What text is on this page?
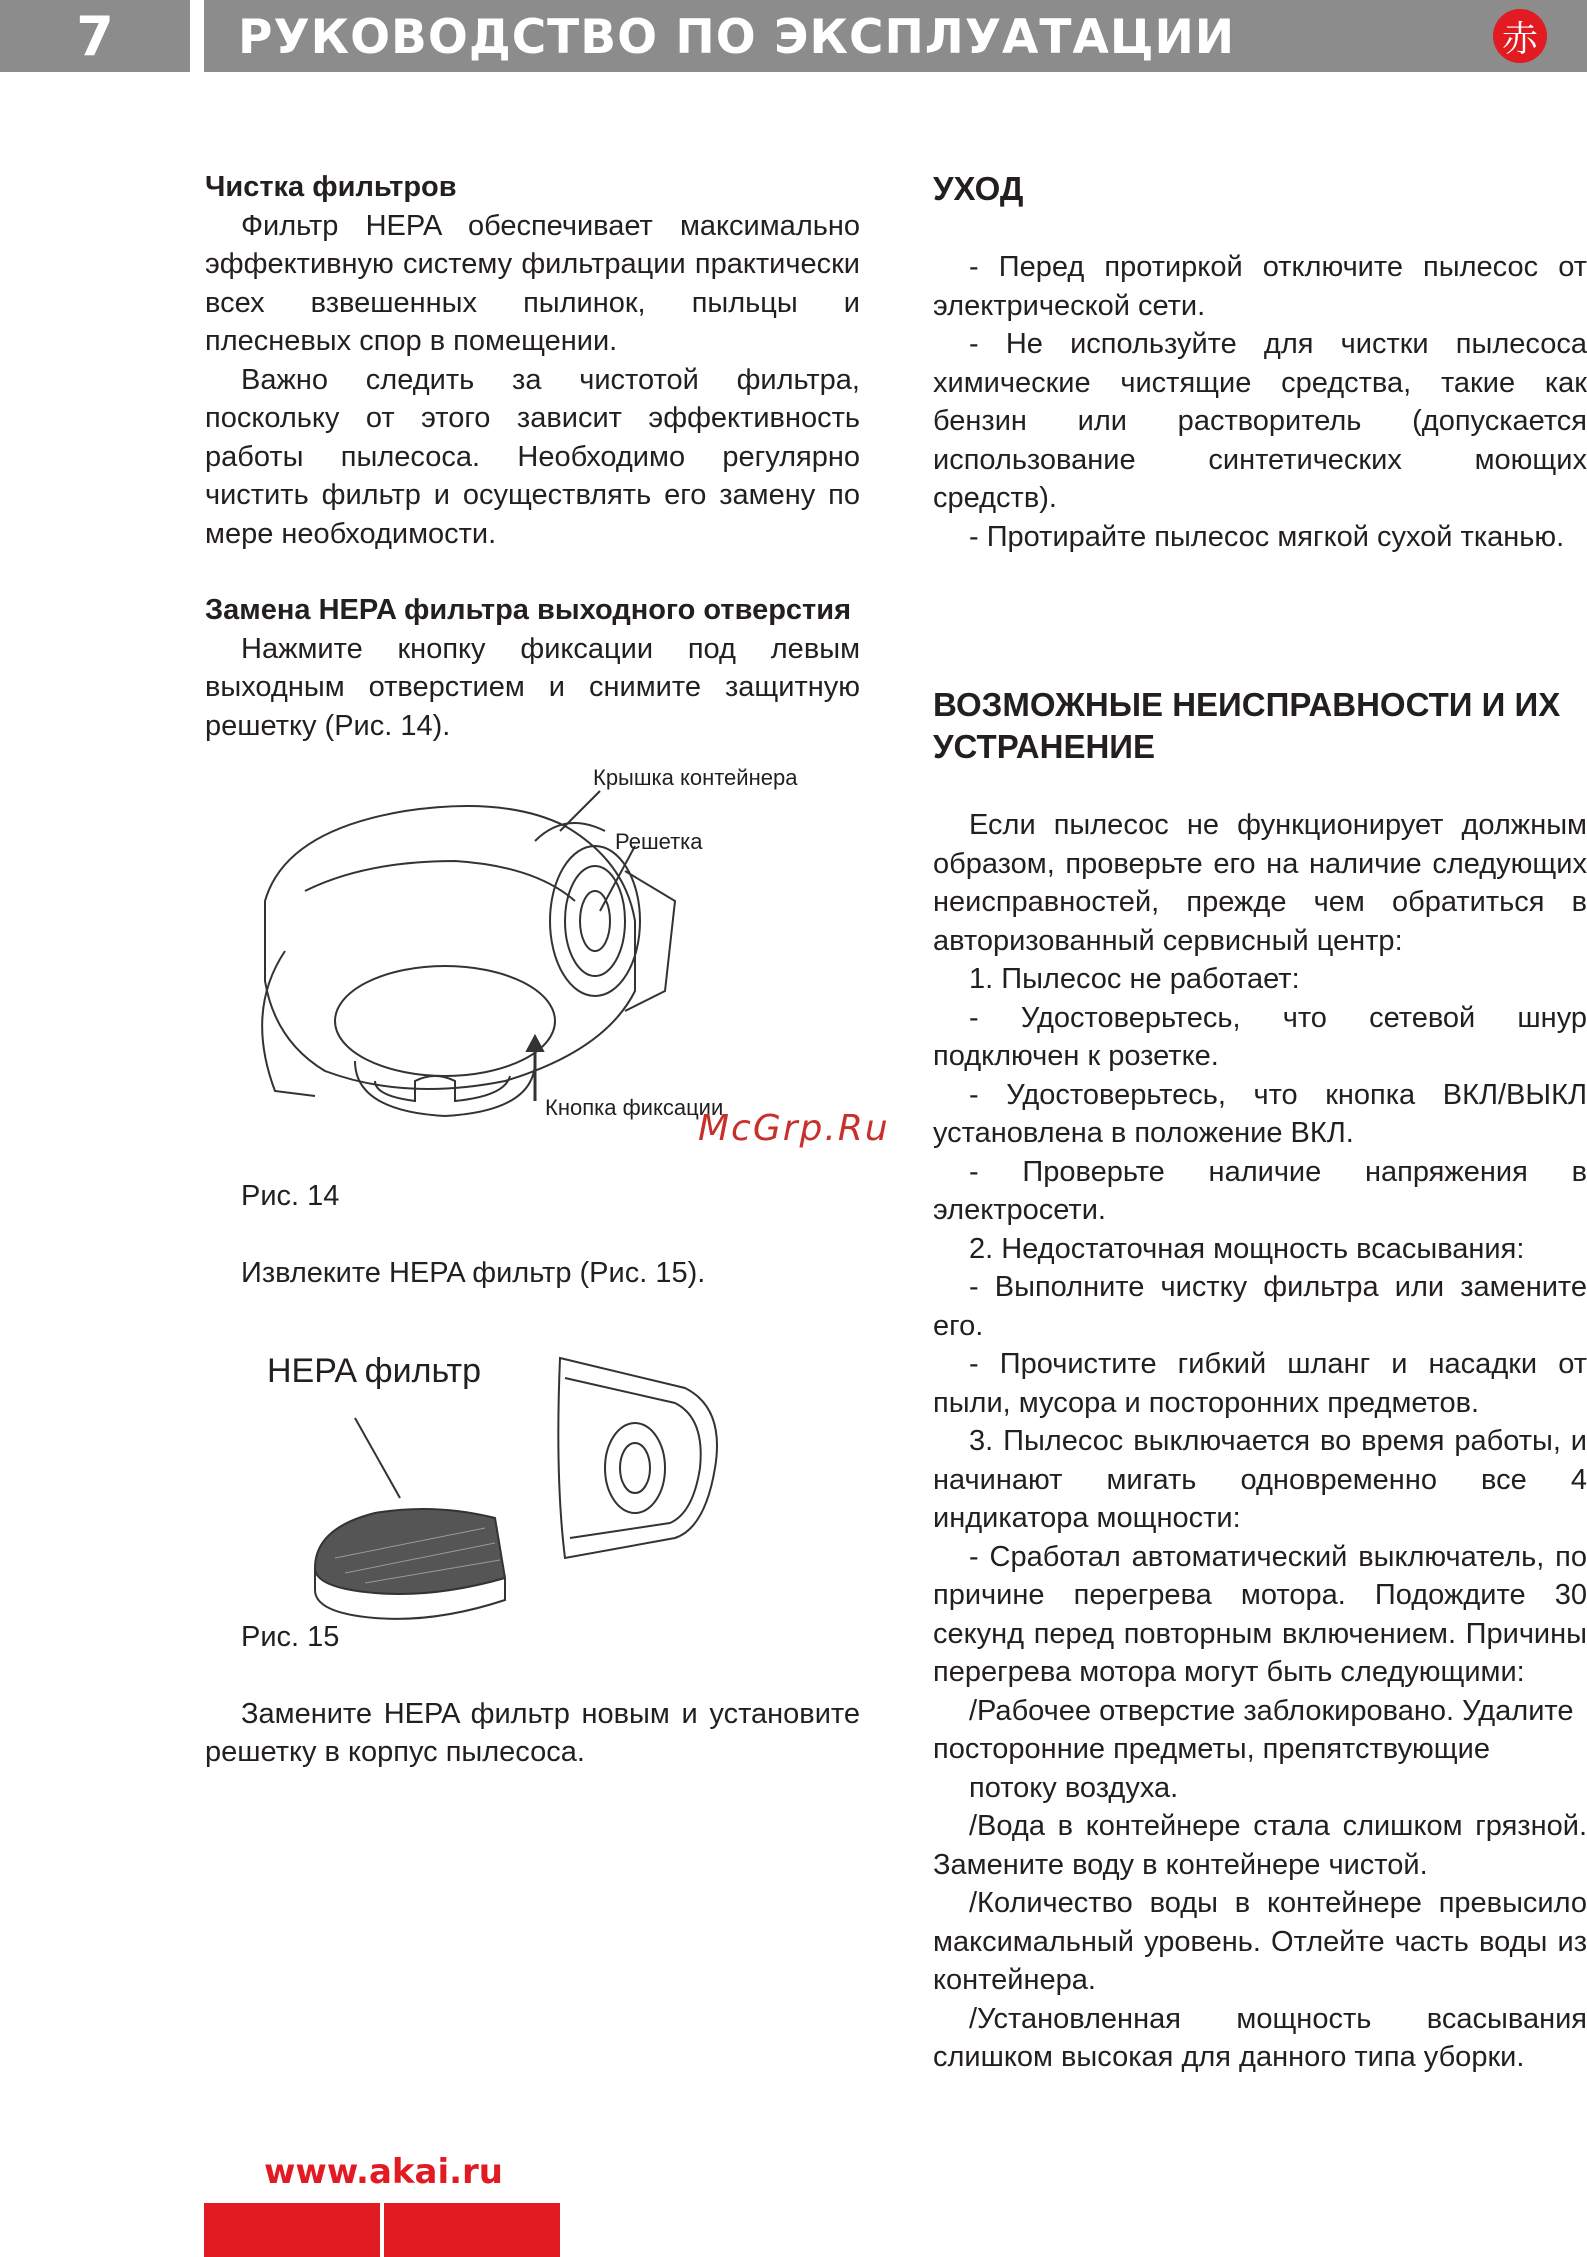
7	РУКОВОДСТВО ПО ЭКСПЛУАТАЦИИ	赤

Чистка фильтров

Фильтр HEPA обеспечивает максимально эффективную систему фильтрации практически всех взвешенных пылинок, пыльцы и плесневых спор в помещении.

Важно следить за чистотой фильтра, поскольку от этого зависит эффективность работы пылесоса. Необходимо регулярно чистить фильтр и осуществлять его замену по мере необходимости.

Замена HEPA фильтра выходного отверстия

Нажмите кнопку фиксации под левым выходным отверстием и снимите защитную решетку (Рис. 14).

Крышка контейнера
Решетка
Кнопка фиксации

Рис. 14

Извлеките HEPA фильтр (Рис. 15).

HEPA фильтр

Рис. 15

Замените HEPA фильтр новым и установите решетку в корпус пылесоса.

УХОД

- Перед протиркой отключите пылесос от электрической сети.

- Не используйте для чистки пылесоса химические чистящие средства, такие как бензин или растворитель (допускается использование синтетических моющих средств).

- Протирайте пылесос мягкой сухой тканью.

ВОЗМОЖНЫЕ НЕИСПРАВНОСТИ И ИХ УСТРАНЕНИЕ

Если пылесос не функционирует должным образом, проверьте его на наличие следующих неисправностей, прежде чем обратиться в авторизованный сервисный центр:

1. Пылесос не работает:

- Удостоверьтесь, что сетевой шнур подключен к розетке.

- Удостоверьтесь, что кнопка ВКЛ/ВЫКЛ установлена в положение ВКЛ.

- Проверьте наличие напряжения в электросети.

2. Недостаточная мощность всасывания:

- Выполните чистку фильтра или замените его.

- Прочистите гибкий шланг и насадки от пыли, мусора и посторонних предметов.

3. Пылесос выключается во время работы, и начинают мигать одновременно все 4 индикатора мощности:

- Сработал автоматический выключатель, по причине перегрева мотора. Подождите 30 секунд перед повторным включением. Причины перегрева мотора могут быть следующими:

/Рабочее отверстие заблокировано. Удалите посторонние предметы, препятствующие

потоку воздуха.

/Вода в контейнере стала слишком грязной. Замените воду в контейнере чистой.

/Количество воды в контейнере превысило максимальный уровень. Отлейте часть воды из контейнера.

/Установленная мощность всасывания слишком высокая для данного типа уборки.

McGrp.Ru
www.akai.ru
